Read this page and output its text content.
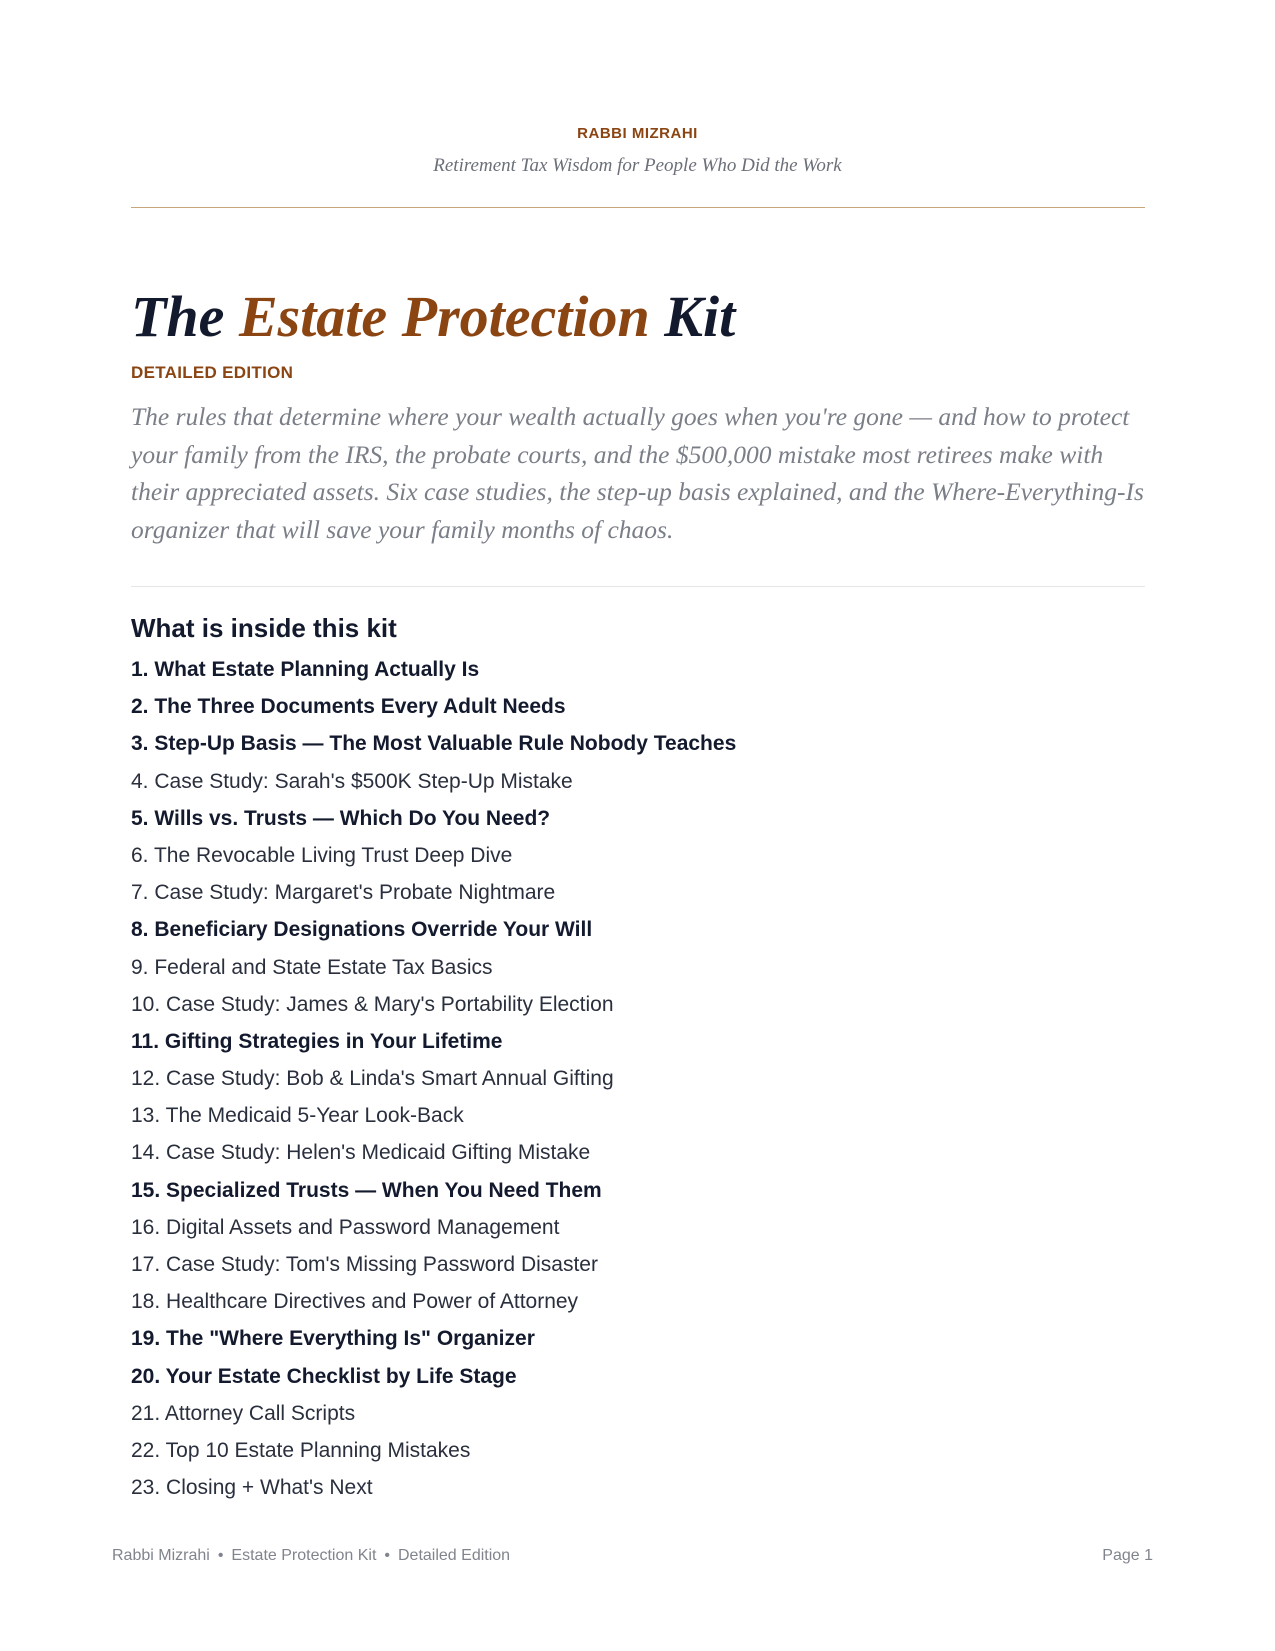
RABBI MIZRAHI
Retirement Tax Wisdom for People Who Did the Work
The Estate Protection Kit
DETAILED EDITION

The rules that determine where your wealth actually goes when you're gone — and how to protect your family from the IRS, the probate courts, and the $500,000 mistake most retirees make with their appreciated assets. Six case studies, the step-up basis explained, and the Where-Everything-Is organizer that will save your family months of chaos.

What is inside this kit
1. What Estate Planning Actually Is
2. The Three Documents Every Adult Needs
3. Step-Up Basis — The Most Valuable Rule Nobody Teaches
4. Case Study: Sarah's $500K Step-Up Mistake
5. Wills vs. Trusts — Which Do You Need?
6. The Revocable Living Trust Deep Dive
7. Case Study: Margaret's Probate Nightmare
8. Beneficiary Designations Override Your Will
9. Federal and State Estate Tax Basics
10. Case Study: James & Mary's Portability Election
11. Gifting Strategies in Your Lifetime
12. Case Study: Bob & Linda's Smart Annual Gifting
13. The Medicaid 5-Year Look-Back
14. Case Study: Helen's Medicaid Gifting Mistake
15. Specialized Trusts — When You Need Them
16. Digital Assets and Password Management
17. Case Study: Tom's Missing Password Disaster
18. Healthcare Directives and Power of Attorney
19. The "Where Everything Is" Organizer
20. Your Estate Checklist by Life Stage
21. Attorney Call Scripts
22. Top 10 Estate Planning Mistakes
23. Closing + What's Next
Rabbi Mizrahi • Estate Protection Kit • Detailed Edition	Page 1
